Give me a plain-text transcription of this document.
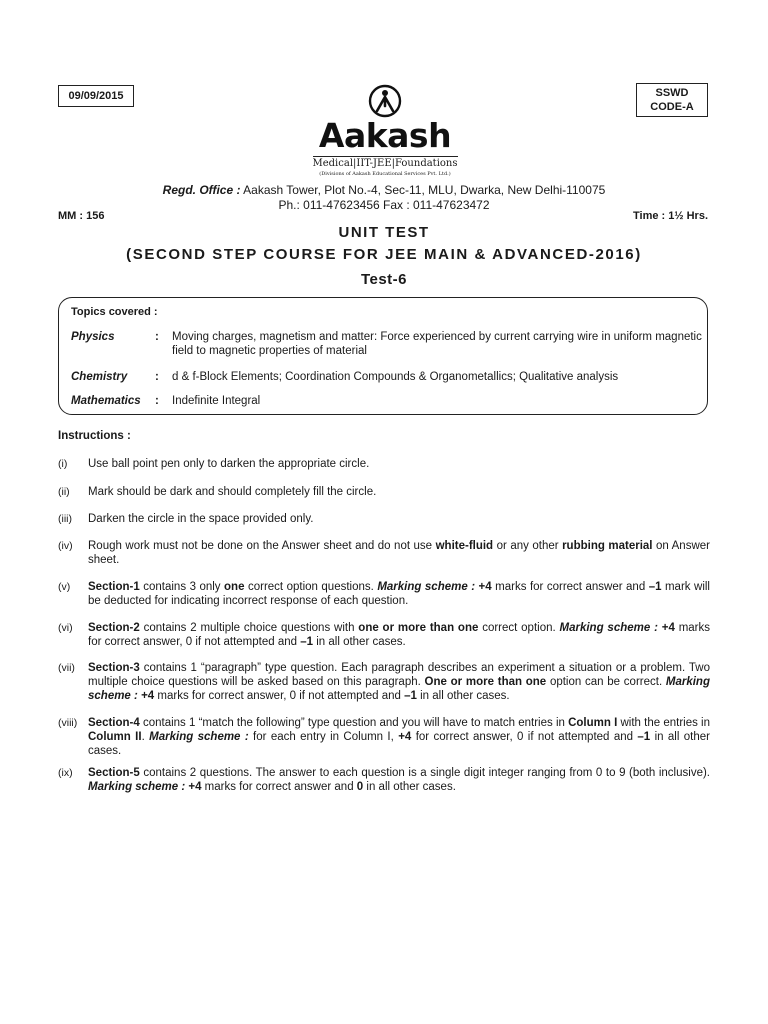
09/09/2015	SSWD
CODE-A
Aakash
Medical|IIT-JEE|Foundations
(Divisions of Aakash Educational Services Pvt. Ltd.)
Regd. Office : Aakash Tower, Plot No.-4, Sec-11, MLU, Dwarka, New Delhi-110075
Ph.: 011-47623456 Fax : 011-47623472
MM : 156	Time : 1½ Hrs.
UNIT TEST
(SECOND STEP COURSE FOR JEE MAIN & ADVANCED-2016)
Test-6
Topics covered :
Physics	: Moving charges, magnetism and matter: Force experienced by current carrying wire in uniform magnetic field to magnetic properties of material
Chemistry : d & f-Block Elements; Coordination Compounds & Organometallics; Qualitative analysis
Mathematics : Indefinite Integral
Instructions :
(i) Use ball point pen only to darken the appropriate circle.
(ii) Mark should be dark and should completely fill the circle.
(iii) Darken the circle in the space provided only.
(iv) Rough work must not be done on the Answer sheet and do not use white-fluid or any other rubbing material on Answer sheet.
(v) Section-1 contains 3 only one correct option questions. Marking scheme : +4 marks for correct answer and –1 mark will be deducted for indicating incorrect response of each question.
(vi) Section-2 contains 2 multiple choice questions with one or more than one correct option. Marking scheme : +4 marks for correct answer, 0 if not attempted and –1 in all other cases.
(vii) Section-3 contains 1 “paragraph” type question. Each paragraph describes an experiment a situation or a problem. Two multiple choice questions will be asked based on this paragraph. One or more than one option can be correct. Marking scheme : +4 marks for correct answer, 0 if not attempted and –1 in all other cases.
(viii) Section-4 contains 1 “match the following” type question and you will have to match entries in Column I with the entries in Column II. Marking scheme : for each entry in Column I, +4 for correct answer, 0 if not attempted and –1 in all other cases.
(ix) Section-5 contains 2 questions. The answer to each question is a single digit integer ranging from 0 to 9 (both inclusive). Marking scheme : +4 marks for correct answer and 0 in all other cases.
